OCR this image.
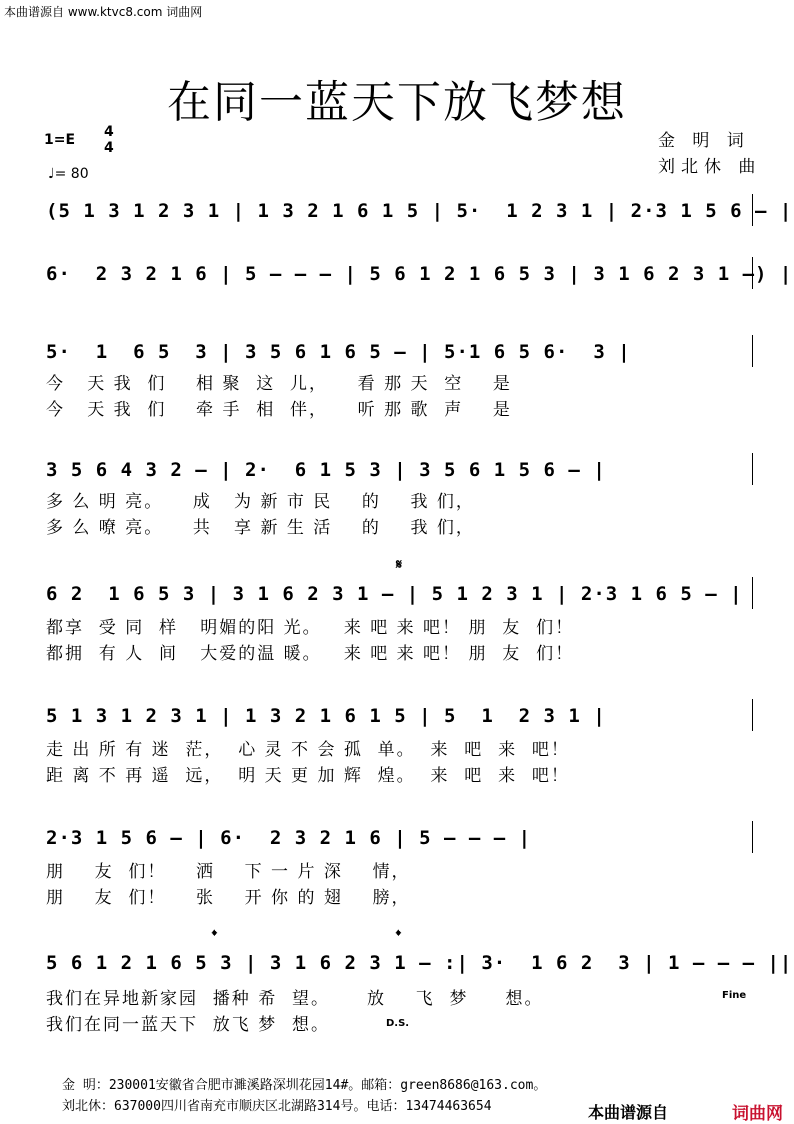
本曲谱源自 www.ktvc8.com 词曲网
在同一蓝天下放飞梦想
1=E 4
4
♩= 80
金 明 词
刘北休 曲
(5 1 3 1 2 3 1 | 1 3 2 1 6 1 5 | 5·  1 2 3 1 | 2·3 1 5 6 – |
6·  2 3 2 1 6 | 5 – – – | 5 6 1 2 1 6 5 3 | 3 1 6 2 3 1 –) |
5·  1  6 5  3 | 3 5 6 1 6 5 – | 5·1 6 5 6·  3 |
今   天 我  们    相 聚  这  儿，    看 那 天  空    是
今   天 我  们    牵 手  相  伴，    听 那 歌  声    是
3 5 6 4 3 2 – | 2·  6 1 5 3 | 3 5 6 1 5 6 – |
多 么 明 亮。    成   为 新 市 民    的    我 们，
多 么 嘹 亮。    共   享 新 生 活    的    我 们，
𝄋
6 2  1 6 5 3 | 3 1 6 2 3 1 – | 5 1 2 3 1 | 2·3 1 6 5 – |
都享  受 同  样   明媚的阳 光。   来 吧 来 吧！ 朋  友  们！
都拥  有 人  间   大爱的温 暖。   来 吧 来 吧！ 朋  友  们！
5 1 3 1 2 3 1 | 1 3 2 1 6 1 5 | 5  1  2 3 1 |
走 出 所 有 迷  茫，  心 灵 不 会 孤  单。  来  吧  来  吧！
距 离 不 再 遥  远，  明 天 更 加 辉  煌。  来  吧  来  吧！
2·3 1 5 6 – | 6·  2 3 2 1 6 | 5 – – – |
朋    友  们！    洒    下 一 片 深    情，
朋    友  们！    张    开 你 的 翅    膀，
𝄌	𝄌
5 6 1 2 1 6 5 3 | 3 1 6 2 3 1 – :| 3·  1 6 2  3 | 1 – – – ||
我们在异地新家园  播种 希  望。     放    飞  梦     想。
我们在同一蓝天下  放飞 梦  想。
Fine
D.S.
金 明：230001安徽省合肥市濉溪路深圳花园14#。邮箱：green8686@163.com。
刘北休：637000四川省南充市顺庆区北湖路314号。电话：13474463654	本曲谱源自	词曲网
